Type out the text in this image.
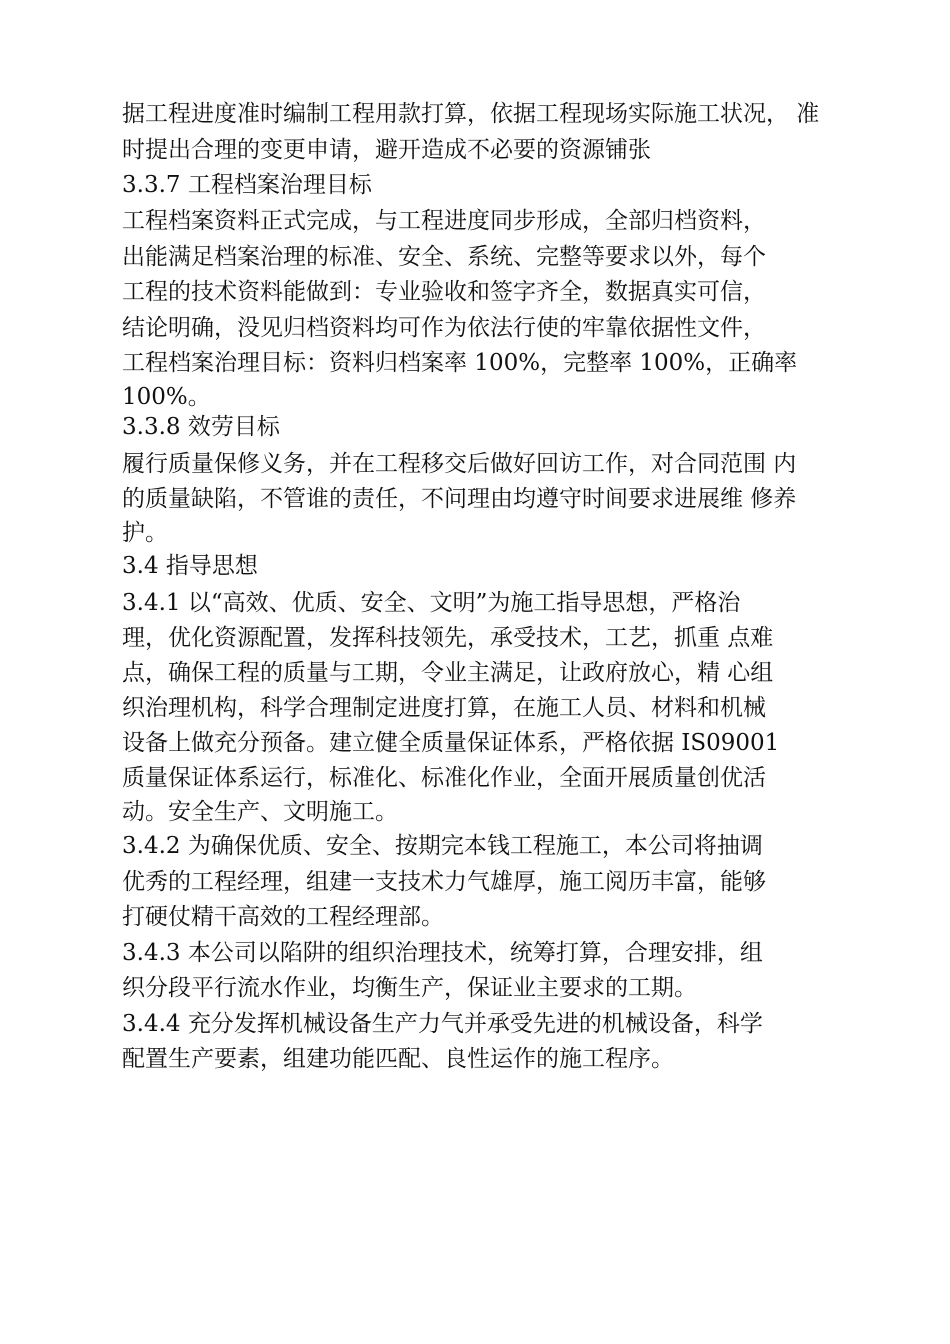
据工程进度准时编制工程用款打算，依据工程现场实际施工状况， 准
时提出合理的变更申请，避开造成不必要的资源铺张
3.3.7 工程档案治理目标
工程档案资料正式完成，与工程进度同步形成，全部归档资料，
出能满足档案治理的标准、安全、系统、完整等要求以外，每个
工程的技术资料能做到：专业验收和签字齐全，数据真实可信，
结论明确，没见归档资料均可作为依法行使的牢靠依据性文件，
工程档案治理目标：资料归档案率 100%，完整率 100%，正确率
100%。
3.3.8 效劳目标
履行质量保修义务，并在工程移交后做好回访工作，对合同范围 内
的质量缺陷，不管谁的责任，不问理由均遵守时间要求进展维 修养
护。
3.4 指导思想
3.4.1 以“高效、优质、安全、文明”为施工指导思想，严格治
理，优化资源配置，发挥科技领先，承受技术，工艺，抓重 点难
点，确保工程的质量与工期，令业主满足，让政府放心，精 心组
织治理机构，科学合理制定进度打算，在施工人员、材料和机械
设备上做充分预备。建立健全质量保证体系，严格依据 IS09001
质量保证体系运行，标准化、标准化作业，全面开展质量创优活
动。安全生产、文明施工。
3.4.2 为确保优质、安全、按期完本钱工程施工，本公司将抽调
优秀的工程经理，组建一支技术力气雄厚，施工阅历丰富，能够
打硬仗精干高效的工程经理部。
3.4.3 本公司以陷阱的组织治理技术，统筹打算，合理安排，组
织分段平行流水作业，均衡生产，保证业主要求的工期。
3.4.4 充分发挥机械设备生产力气并承受先进的机械设备，科学
配置生产要素，组建功能匹配、良性运作的施工程序。
